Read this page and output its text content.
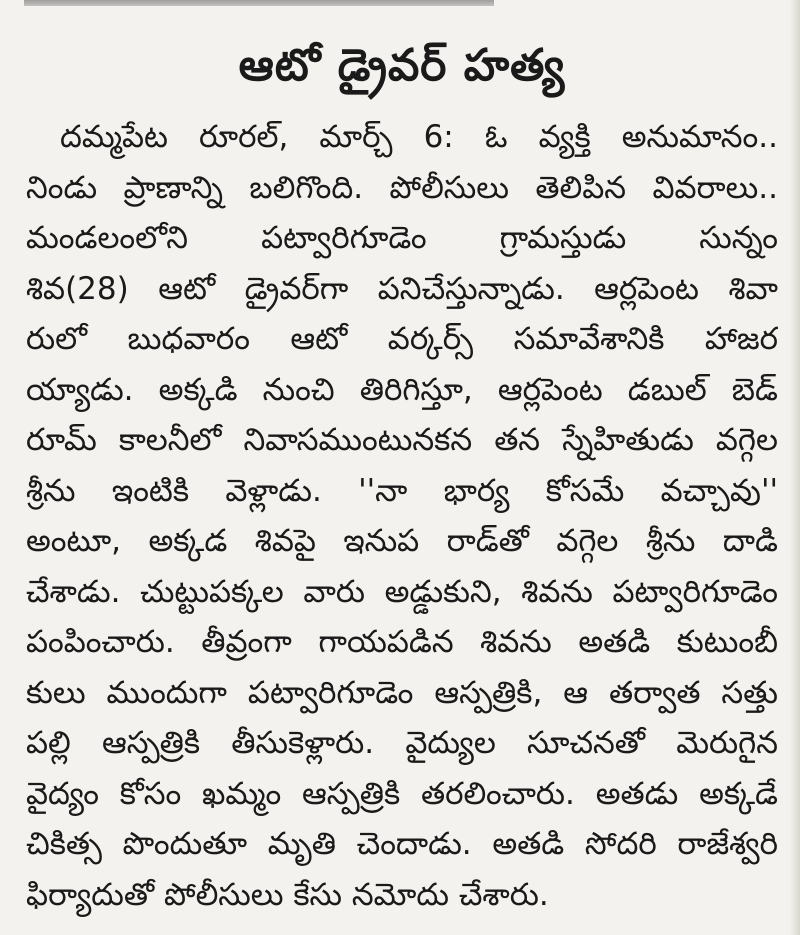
ఆటో డ్రైవర్ హత్య
దమ్మపేట రూరల్, మార్చ్ 6: ఓ వ్యక్తి అనుమానం..
నిండు ప్రాణాన్ని బలిగొంది. పోలీసులు తెలిపిన వివరాలు..
మండలంలోని పట్వారిగూడెం గ్రామస్తుడు సున్నం
శివ(28) ఆటో డ్రైవర్‌గా పనిచేస్తున్నాడు. ఆర్లపెంట శివా
రులో బుధవారం ఆటో వర్కర్స్ సమావేశానికి హాజర
య్యాడు. అక్కడి నుంచి తిరిగిస్తూ, ఆర్లపెంట డబుల్ బెడ్
రూమ్ కాలనీలో నివాసముంటునకన తన స్నేహితుడు వగ్గెల
శ్రీను ఇంటికి వెళ్లాడు. ''నా భార్య కోసమే వచ్చావు''
అంటూ, అక్కడ శివపై ఇనుప రాడ్‌తో వగ్గెల శ్రీను దాడి
చేశాడు. చుట్టుపక్కల వారు అడ్డుకుని, శివను పట్వారిగూడెం
పంపించారు. తీవ్రంగా గాయపడిన శివను అతడి కుటుంబీ
కులు ముందుగా పట్వారిగూడెం ఆస్పత్రికి, ఆ తర్వాత సత్తు
పల్లి ఆస్పత్రికి తీసుకెళ్లారు. వైద్యుల సూచనతో మెరుగైన
వైద్యం కోసం ఖమ్మం ఆస్పత్రికి తరలించారు. అతడు అక్కడే
చికిత్స పొందుతూ మృతి చెందాడు. అతడి సోదరి రాజేశ్వరి
ఫిర్యాదుతో పోలీసులు కేసు నమోదు చేశారు.
